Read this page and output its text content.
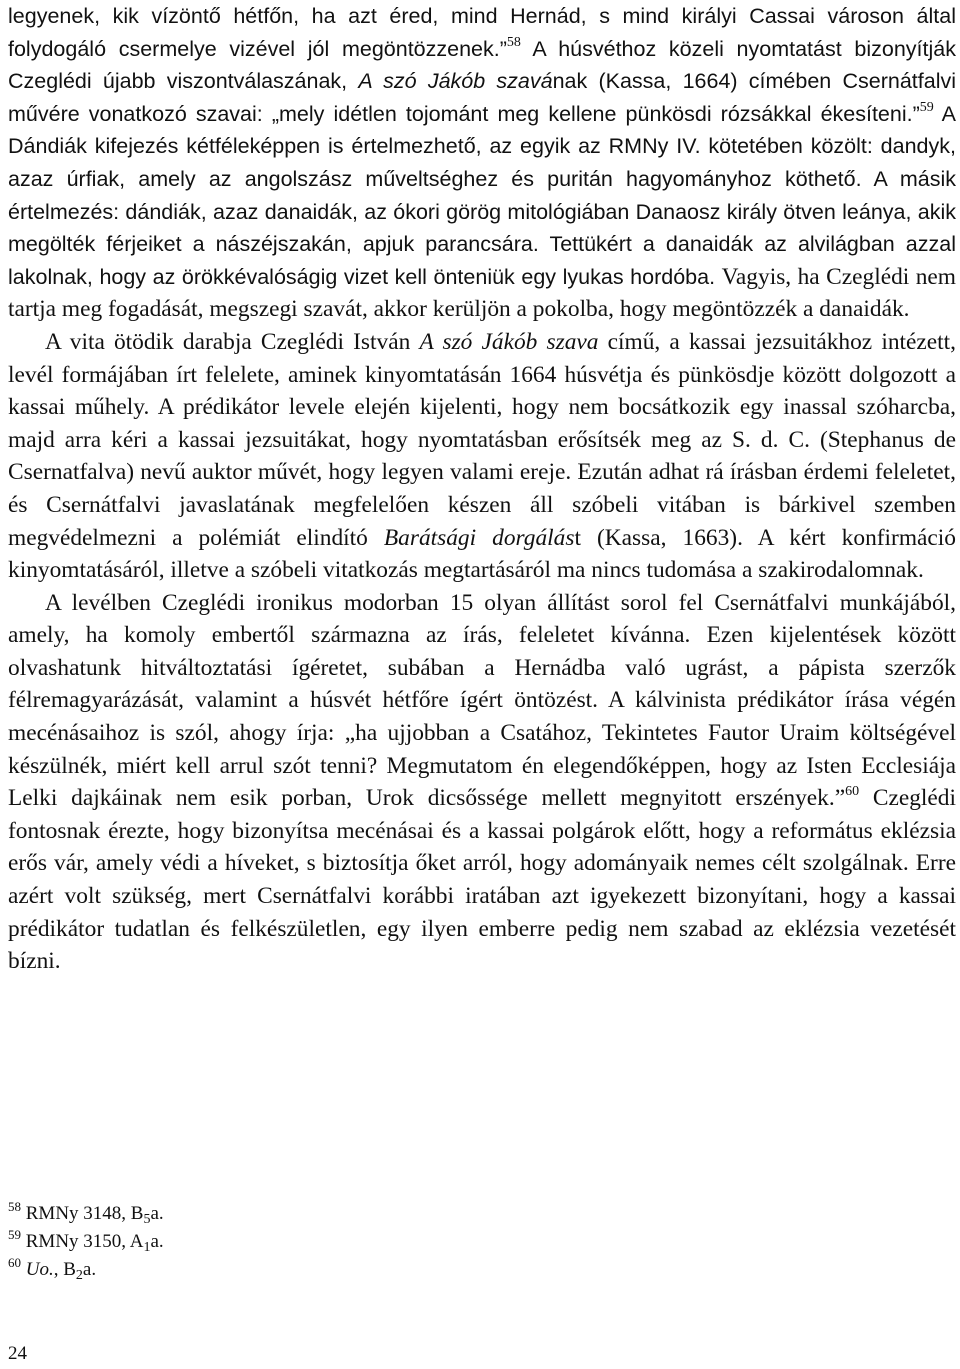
legyenek, kik vízöntő hétfőn, ha azt éred, mind Hernád, s mind királyi Cassai városon által folydogáló csermelye vizével jól megöntözzenek.”$^{58}$ A húsvéthoz közeli nyomtatást bizonyítják Czeglédi újabb viszontválaszának, A szó Jákób szavának (Kassa, 1664) címében Csernátfalvi művére vonatkozó szavai: „mely idétlen tojománt meg kellene pünkösdi rózsákkal ékesíteni.”$^{59}$ A Dándiák kifejezés kétféleképpen is értelmezhető, az egyik az RMNy IV. kötetében közölt: dandyk, azaz úrfiak, amely az angolszász műveltséghez és puritán hagyományhoz köthető. A másik értelmezés: dándiák, azaz danaidák, az ókori görög mitológiában Danaosz király ötven leánya, akik megölték férjeiket a nászéjszakán, apjuk parancsára. Tettükért a danaidák az alvilágban azzal lakolnak, hogy az örökkévalóságig vizet kell önteniük egy lyukas hordóba. Vagyis, ha Czeglédi nem tartja meg fogadását, megszegi szavát, akkor kerüljön a pokolba, hogy megöntözzék a danaidák.

A vita ötödik darabja Czeglédi István A szó Jákób szava című, a kassai jezsuitákhoz intézett, levél formájában írt felelete, aminek kinyomtatásán 1664 húsvétja és pünkösdje között dolgozott a kassai műhely. A prédikátor levele elején kijelenti, hogy nem bocsátkozik egy inassal szóharcba, majd arra kéri a kassai jezsuitákat, hogy nyomtatásban erősítsék meg az S. d. C. (Stephanus de Csernatfalva) nevű auktor művét, hogy legyen valami ereje. Ezután adhat rá írásban érdemi feleletet, és Csernátfalvi javaslatának megfelelően készen áll szóbeli vitában is bárkivel szemben megvédelmezni a polémiát elindító Barátsági dorgálást (Kassa, 1663). A kért konfirmáció kinyomtatásáról, illetve a szóbeli vitatkozás megtartásáról ma nincs tudomása a szakirodalomnak.

A levélben Czeglédi ironikus modorban 15 olyan állítást sorol fel Csernátfalvi munkájából, amely, ha komoly embertől származna az írás, feleletet kívánna. Ezen kijelentések között olvashatunk hitváltoztatási ígéretet, subában a Hernádba való ugrást, a pápista szerzők félremagyarázását, valamint a húsvét hétfőre ígért öntözést. A kálvinista prédikátor írása végén mecénásaihoz is szól, ahogy írja: „ha ujjobban a Csatához, Tekintetes Fautor Uraim költségével készülnék, miért kell arrul szót tenni? Megmutatom én elegendőképpen, hogy az Isten Ecclesiája Lelki dajkáinak nem esik porban, Urok dicsőssége mellett megnyitott erszények.”$^{60}$ Czeglédi fontosnak érezte, hogy bizonyítsa mecénásai és a kassai polgárok előtt, hogy a református eklézsia erős vár, amely védi a híveket, s biztosítja őket arról, hogy adományaik nemes célt szolgálnak. Erre azért volt szükség, mert Csernátfalvi korábbi iratában azt igyekezett bizonyítani, hogy a kassai prédikátor tudatlan és felkészületlen, egy ilyen emberre pedig nem szabad az eklézsia vezetését bízni.

$^{58}$ RMNy 3148, $B_5a$.
$^{59}$ RMNy 3150, $A_1a$.
$^{60}$ Uo., $B_2a$.
24
